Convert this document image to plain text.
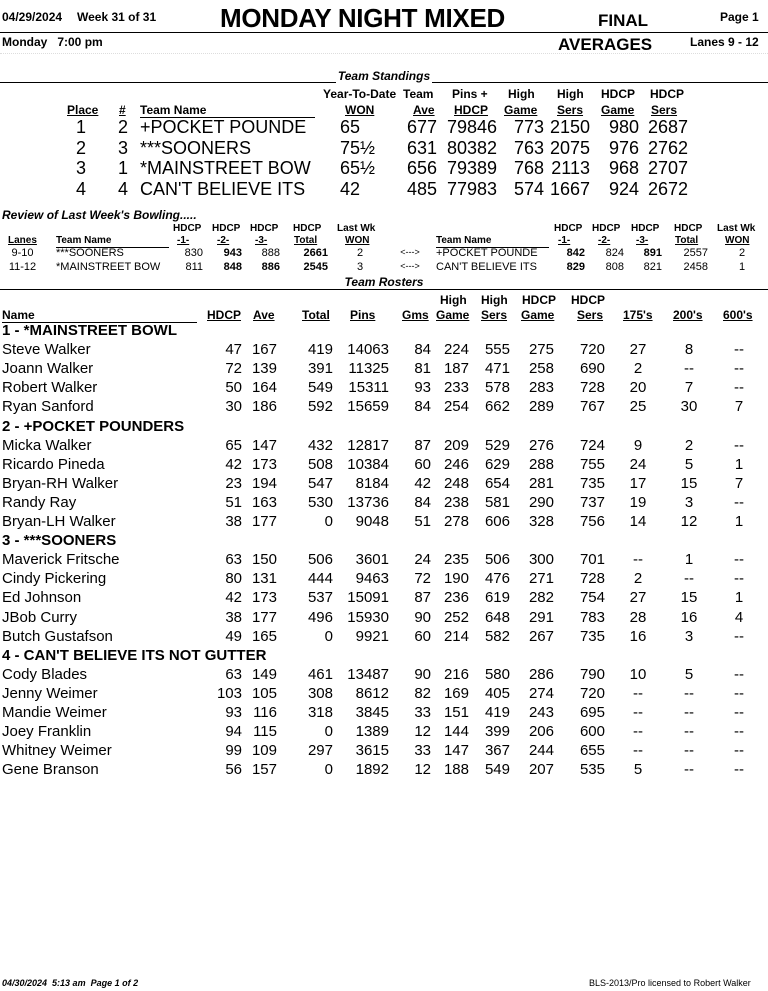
04/29/2024 Week 31 of 31 MONDAY NIGHT MIXED	FINAL	Page 1
Monday   7:00 pm	AVERAGES	Lanes 9 - 12
Team Standings
Year-To-Date Team Pins + High High HDCP HDCP
Place # Team Name	WON	Ave HDCP Game Sers Game Sers
1	2 +POCKET POUNDE	65	677 79846 773 2150	980 2687
2	3 ***SOONERS	75½	631 80382 763 2075	976 2762
3	1 *MAINSTREET BOW	65½	656 79389 768 2113	968 2707
4	4 CAN'T BELIEVE ITS	42	485 77983 574 1667	924 2672
Review of Last Week's Bowling.....
HDCP HDCP HDCP HDCP Last Wk	HDCP HDCP HDCP HDCP Last Wk
Lanes Team Name	-1-	-2-	-3-	Total	WON	Team Name	-1-	-2-	-3-	Total	WON
9-10	***SOONERS	830	943	888	2661	2	<--->	+POCKET POUNDE	842	824	891	2557	2
11-12	*MAINSTREET BOW	811	848	886	2545	3	<--->	CAN'T BELIEVE ITS	829	808	821	2458	1
Team Rosters
High High HDCP HDCP
Name	HDCP Ave Total Pins Gms Game Sers Game Sers 175's 200's 600's
1 - *MAINSTREET BOWL
Steve Walker	47 167	419 14063	84 224	555	275	720	27	8	--
Joann Walker	72 139	391	11325	81 187	471	258	690	2	--	--
Robert Walker	50 164	549	15311	93 233	578	283	728	20	7	--
Ryan Sanford	30 186	592 15659	84 254	662	289	767	25	30	7
2 - +POCKET POUNDERS
Micka Walker	65 147	432 12817	87 209	529	276	724	9	2	--
Ricardo Pineda	42 173	508 10384	60 246	629	288	755	24	5	1
Bryan-RH Walker	23 194	547	8184	42 248	654	281	735	17	15	7
Randy Ray	51 163	530 13736	84 238	581	290	737	19	3	--
Bryan-LH Walker	38 177	0	9048	51 278	606	328	756	14	12	1
3 - ***SOONERS
Maverick Fritsche	63 150	506	3601	24 235	506	300	701	--	1	--
Cindy Pickering	80 131	444	9463	72 190	476	271	728	2	--	--
Ed Johnson	42 173	537 15091	87 236	619	282	754	27	15	1
JBob Curry	38 177	496 15930	90 252	648	291	783	28	16	4
Butch Gustafson	49 165	0	9921	60 214	582	267	735	16	3	--
4 - CAN'T BELIEVE ITS NOT GUTTER
Cody Blades	63 149	461 13487	90 216	580	286	790	10	5	--
Jenny Weimer	103 105	308	8612	82 169	405	274	720	--	--	--
Mandie Weimer	93 116	318	3845	33 151	419	243	695	--	--	--
Joey Franklin	94 115	0	1389	12 144	399	206	600	--	--	--
Whitney Weimer	99 109	297	3615	33 147	367	244	655	--	--	--
Gene Branson	56 157	0	1892	12 188	549	207	535	5	--	--
04/30/2024  5:13 am  Page 1 of 2	BLS-2013/Pro licensed to Robert Walker
